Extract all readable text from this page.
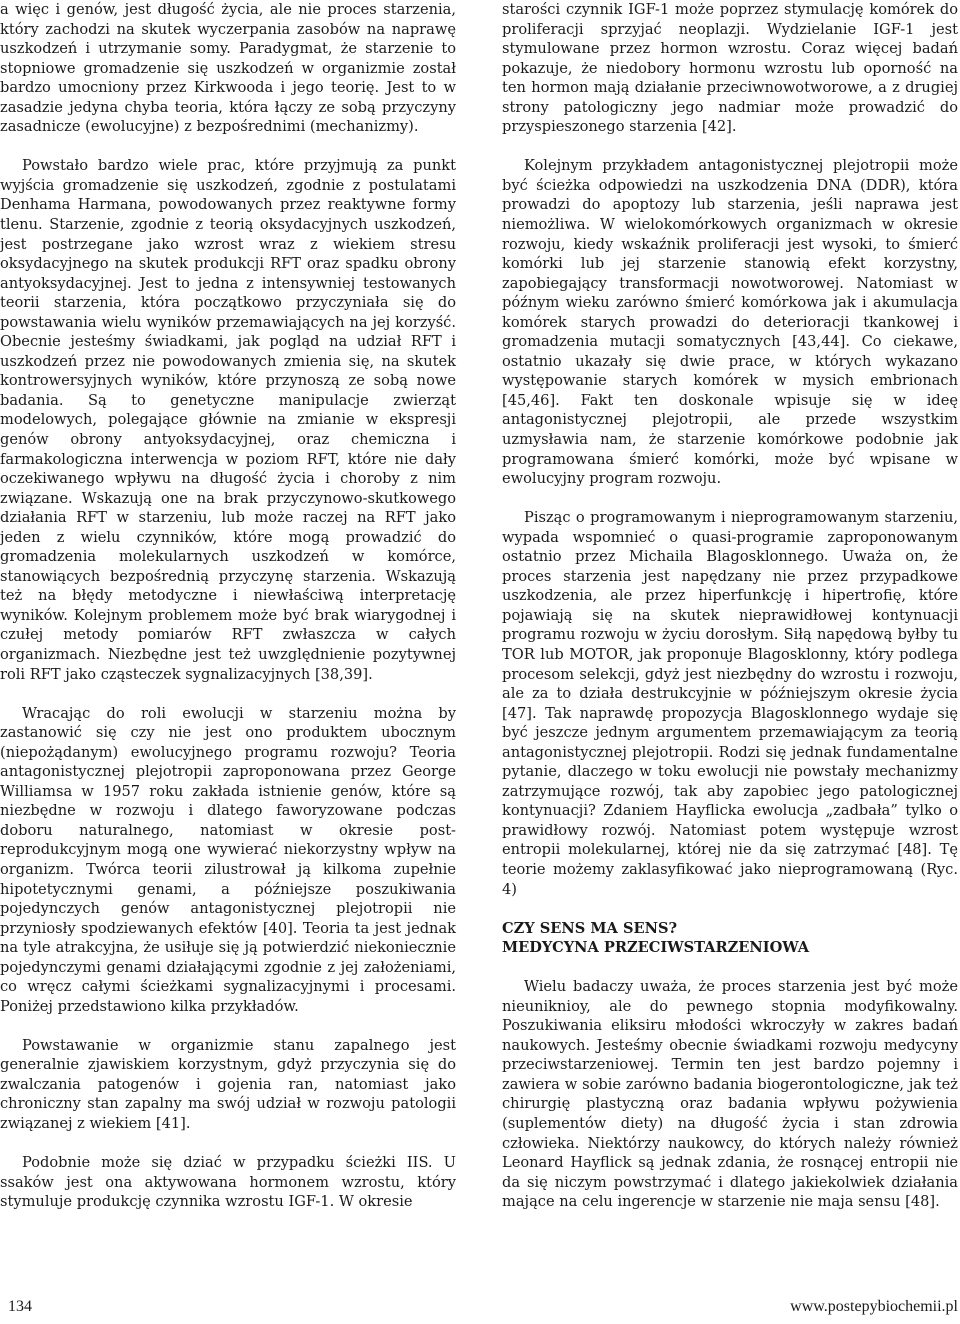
a więc i genów, jest długość życia, ale nie proces starzenia, który zachodzi na skutek wyczerpania zasobów na naprawę uszkodzeń i utrzymanie somy. Paradygmat, że starzenie to stopniowe gromadzenie się uszkodzeń w organizmie został bardzo umocniony przez Kirkwooda i jego teorię. Jest to w zasadzie jedyna chyba teoria, która łączy ze sobą przyczyny zasadnicze (ewolucyjne) z bezpośrednimi (mechanizmy).

Powstało bardzo wiele prac, które przyjmują za punkt wyjścia gromadzenie się uszkodzeń, zgodnie z postulatami Denhama Harmana, powodowanych przez reaktywne formy tlenu. Starzenie, zgodnie z teorią oksydacyjnych uszkodzeń, jest postrzegane jako wzrost wraz z wiekiem stresu oksydacyjnego na skutek produkcji RFT oraz spadku obrony antyoksydacyjnej. Jest to jedna z intensywniej testowanych teorii starzenia, która początkowo przyczyniała się do powstawania wielu wyników przemawiających na jej korzyść. Obecnie jesteśmy świadkami, jak pogląd na udział RFT i uszkodzeń przez nie powodowanych zmienia się, na skutek kontrowersyjnych wyników, które przynoszą ze sobą nowe badania. Są to genetyczne manipulacje zwierząt modelowych, polegające głównie na zmianie w ekspresji genów obrony antyoksydacyjnej, oraz chemiczna i farmakologiczna interwencja w poziom RFT, które nie dały oczekiwanego wpływu na długość życia i choroby z nim związane. Wskazują one na brak przyczynowo-skutkowego działania RFT w starzeniu, lub może raczej na RFT jako jeden z wielu czynników, które mogą prowadzić do gromadzenia molekularnych uszkodzeń w komórce, stanowiących bezpośrednią przyczynę starzenia. Wskazują też na błędy metodyczne i niewłaściwą interpretację wyników. Kolejnym problemem może być brak wiarygodnej i czułej metody pomiarów RFT zwłaszcza w całych organizmach. Niezbędne jest też uwzględnienie pozytywnej roli RFT jako cząsteczek sygnalizacyjnych [38,39].

Wracając do roli ewolucji w starzeniu można by zastanowić się czy nie jest ono produktem ubocznym (niepożądanym) ewolucyjnego programu rozwoju? Teoria antagonistycznej plejotropii zaproponowana przez George Williamsa w 1957 roku zakłada istnienie genów, które są niezbędne w rozwoju i dlatego faworyzowane podczas doboru naturalnego, natomiast w okresie post-reprodukcyjnym mogą one wywierać niekorzystny wpływ na organizm. Twórca teorii zilustrował ją kilkoma zupełnie hipotetycznymi genami, a późniejsze poszukiwania pojedynczych genów antagonistycznej plejotropii nie przyniosły spodziewanych efektów [40]. Teoria ta jest jednak na tyle atrakcyjna, że usiłuje się ją potwierdzić niekoniecznie pojedynczymi genami działającymi zgodnie z jej założeniami, co wręcz całymi ścieżkami sygnalizacyjnymi i procesami. Poniżej przedstawiono kilka przykładów.

Powstawanie w organizmie stanu zapalnego jest generalnie zjawiskiem korzystnym, gdyż przyczynia się do zwalczania patogenów i gojenia ran, natomiast jako chroniczny stan zapalny ma swój udział w rozwoju patologii związanej z wiekiem [41].

Podobnie może się dziać w przypadku ścieżki IIS. U ssaków jest ona aktywowana hormonem wzrostu, który stymuluje produkcję czynnika wzrostu IGF-1. W okresie

starości czynnik IGF-1 może poprzez stymulację komórek do proliferacji sprzyjać neoplazji. Wydzielanie IGF-1 jest stymulowane przez hormon wzrostu. Coraz więcej badań pokazuje, że niedobory hormonu wzrostu lub oporność na ten hormon mają działanie przeciwnowotworowe, a z drugiej strony patologiczny jego nadmiar może prowadzić do przyspieszonego starzenia [42].

Kolejnym przykładem antagonistycznej plejotropii może być ścieżka odpowiedzi na uszkodzenia DNA (DDR), która prowadzi do apoptozy lub starzenia, jeśli naprawa jest niemożliwa. W wielokomórkowych organizmach w okresie rozwoju, kiedy wskaźnik proliferacji jest wysoki, to śmierć komórki lub jej starzenie stanowią efekt korzystny, zapobiegający transformacji nowotworowej. Natomiast w późnym wieku zarówno śmierć komórkowa jak i akumulacja komórek starych prowadzi do deterioracji tkankowej i gromadzenia mutacji somatycznych [43,44]. Co ciekawe, ostatnio ukazały się dwie prace, w których wykazano występowanie starych komórek w mysich embrionach [45,46]. Fakt ten doskonale wpisuje się w ideę antagonistycznej plejotropii, ale przede wszystkim uzmysławia nam, że starzenie komórkowe podobnie jak programowana śmierć komórki, może być wpisane w ewolucyjny program rozwoju.

Pisząc o programowanym i nieprogramowanym starzeniu, wypada wspomnieć o quasi-programie zaproponowanym ostatnio przez Michaila Blagosklonnego. Uważa on, że proces starzenia jest napędzany nie przez przypadkowe uszkodzenia, ale przez hiperfunkcję i hipertrofię, które pojawiają się na skutek nieprawidłowej kontynuacji programu rozwoju w życiu dorosłym. Siłą napędową byłby tu TOR lub MOTOR, jak proponuje Blagosklonny, który podlega procesom selekcji, gdyż jest niezbędny do wzrostu i rozwoju, ale za to działa destrukcyjnie w późniejszym okresie życia [47]. Tak naprawdę propozycja Blagosklonnego wydaje się być jeszcze jednym argumentem przemawiającym za teorią antagonistycznej plejotropii. Rodzi się jednak fundamentalne pytanie, dlaczego w toku ewolucji nie powstały mechanizmy zatrzymujące rozwój, tak aby zapobiec jego patologicznej kontynuacji? Zdaniem Hayflicka ewolucja „zadbała” tylko o prawidłowy rozwój. Natomiast potem występuje wzrost entropii molekularnej, której nie da się zatrzymać [48]. Tę teorie możemy zaklasyfikować jako nieprogramowaną (Ryc. 4)

CZY SENS MA SENS?
MEDYCYNA PRZECIWSTARZENIOWA

Wielu badaczy uważa, że proces starzenia jest być może nieuniknioy, ale do pewnego stopnia modyfikowalny. Poszukiwania eliksiru młodości wkroczyły w zakres badań naukowych. Jesteśmy obecnie świadkami rozwoju medycyny przeciwstarzeniowej. Termin ten jest bardzo pojemny i zawiera w sobie zarówno badania biogerontologiczne, jak też chirurgię plastyczną oraz badania wpływu pożywienia (suplementów diety) na długość życia i stan zdrowia człowieka. Niektórzy naukowcy, do których należy również Leonard Hayflick są jednak zdania, że rosnącej entropii nie da się niczym powstrzymać i dlatego jakiekolwiek działania mające na celu ingerencje w starzenie nie maja sensu [48].

134	www.postepybiochemii.pl
